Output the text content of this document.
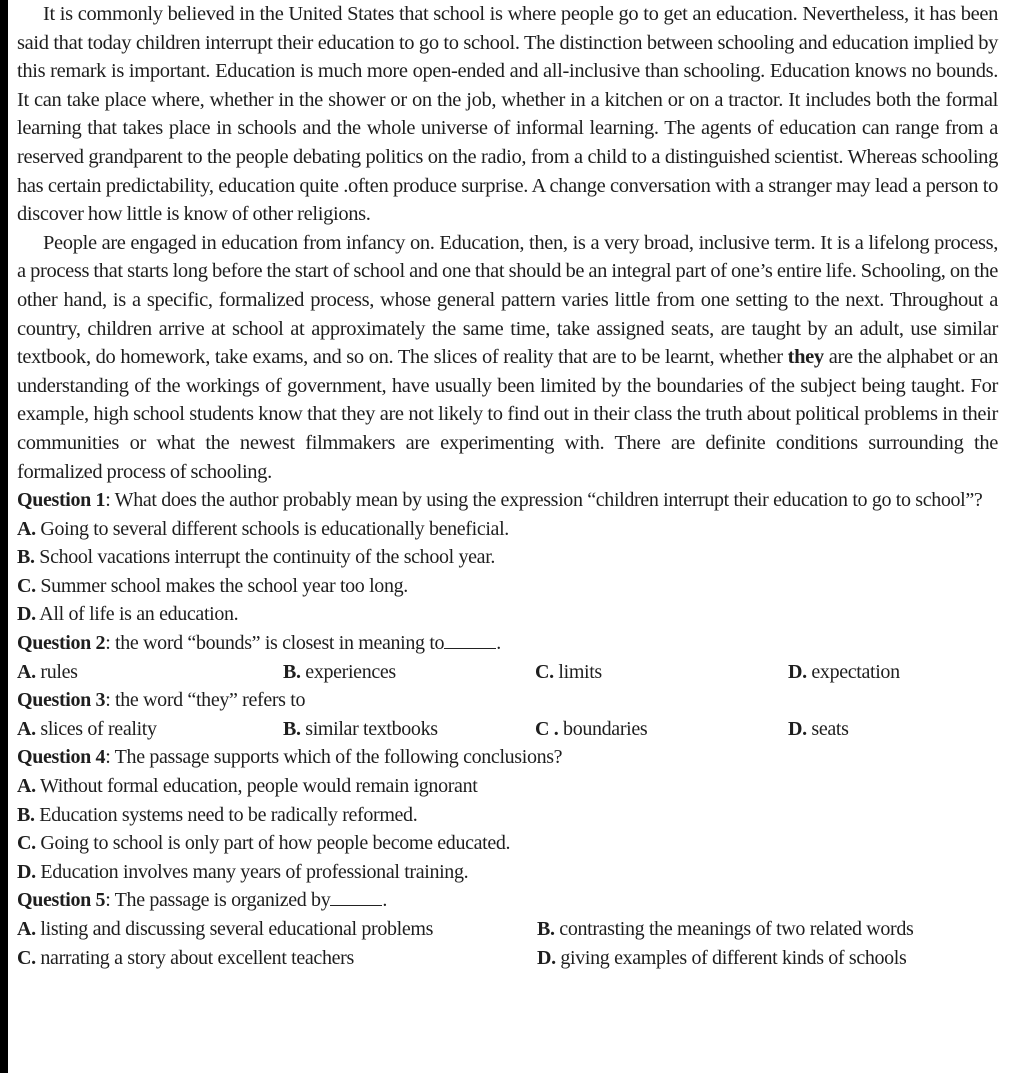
It is commonly believed in the United States that school is where people go to get an education. Nevertheless, it has been said that today children interrupt their education to go to school. The distinction between schooling and education implied by this remark is important. Education is much more open-ended and all-inclusive than schooling. Education knows no bounds. It can take place where, whether in the shower or on the job, whether in a kitchen or on a tractor. It includes both the formal learning that takes place in schools and the whole universe of informal learning. The agents of education can range from a reserved grandparent to the people debating politics on the radio, from a child to a distinguished scientist. Whereas schooling has certain predictability, education quite .often produce surprise. A change conversation with a stranger may lead a person to discover how little is know of other religions.

People are engaged in education from infancy on. Education, then, is a very broad, inclusive term. It is a lifelong process, a process that starts long before the start of school and one that should be an integral part of one’s entire life. Schooling, on the other hand, is a specific, formalized process, whose general pattern varies little from one setting to the next. Throughout a country, children arrive at school at approximately the same time, take assigned seats, are taught by an adult, use similar textbook, do homework, take exams, and so on. The slices of reality that are to be learnt, whether they are the alphabet or an understanding of the workings of government, have usually been limited by the boundaries of the subject being taught. For example, high school students know that they are not likely to find out in their class the truth about political problems in their communities or what the newest filmmakers are experimenting with. There are definite conditions surrounding the formalized process of schooling.

Question 1: What does the author probably mean by using the expression “children interrupt their education to go to school”?

A. Going to several different schools is educationally beneficial.
B. School vacations interrupt the continuity of the school year.
C. Summer school makes the school year too long.
D. All of life is an education.

Question 2: the word “bounds” is closest in meaning to	.

A. rules	B. experiences	C. limits	D. expectation

Question 3: the word “they” refers to

A. slices of reality	B. similar textbooks	C . boundaries	D. seats

Question 4: The passage supports which of the following conclusions?

A. Without formal education, people would remain ignorant
B. Education systems need to be radically reformed.
C. Going to school is only part of how people become educated.
D. Education involves many years of professional training.

Question 5: The passage is organized by	.

A. listing and discussing several educational problems	B. contrasting the meanings of two related words
C. narrating a story about excellent teachers	D. giving examples of different kinds of schools
